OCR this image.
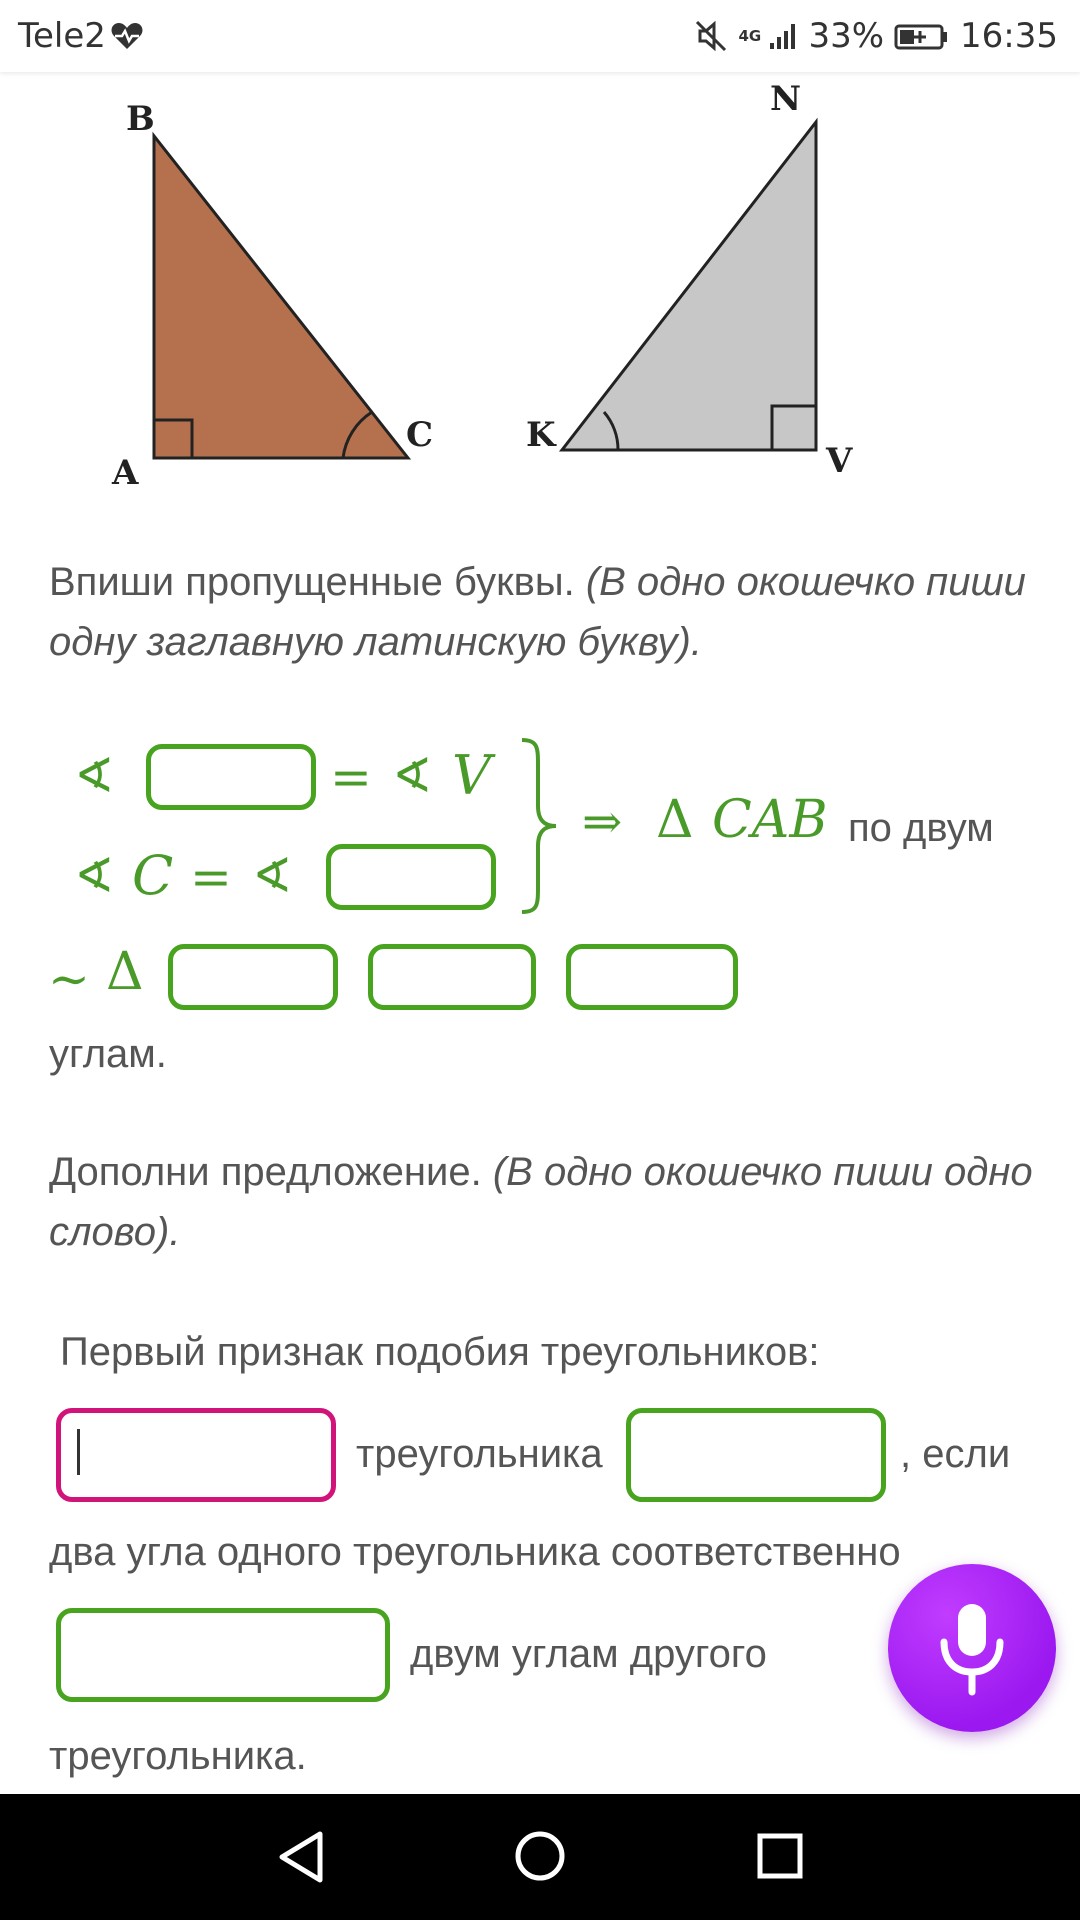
Tele2	4G 33% 16:35
B
A
C
N
K
V
Впиши пропущенные буквы. (В одно окошечко пиши одну заглавную латинскую букву).
∢	= ∢ V
∢ C = ∢
⇒ Δ CAB по двум
∼ Δ
углам.
Дополни предложение. (В одно окошечко пиши одно слово).
Первый признак подобия треугольников:
треугольника	, если
два угла одного треугольника соответственно
двум углам другого
треугольника.
